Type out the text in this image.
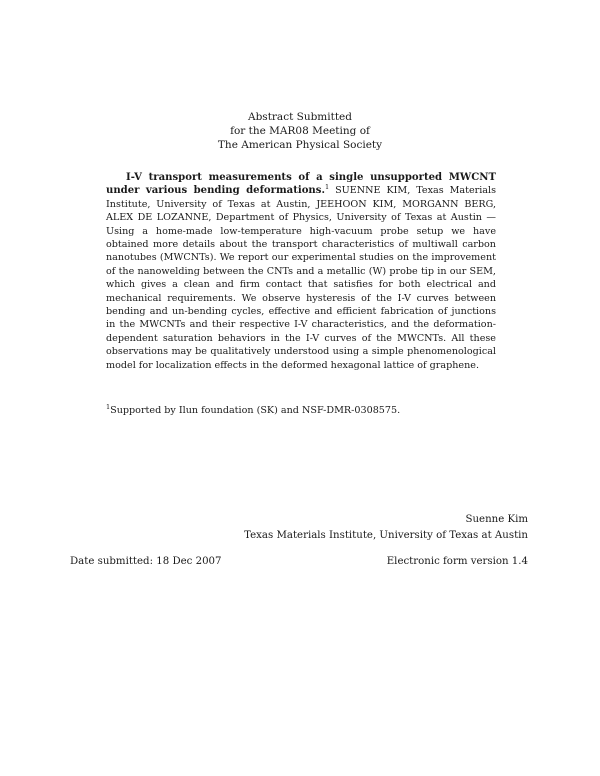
Abstract Submitted
for the MAR08 Meeting of
The American Physical Society
I-V transport measurements of a single unsupported MWCNT under various bending deformations.$^1$ SUENNE KIM, Texas Materials Institute, University of Texas at Austin, JEEHOON KIM, MORGANN BERG, ALEX DE LOZANNE, Department of Physics, University of Texas at Austin — Using a home-made low-temperature high-vacuum probe setup we have obtained more details about the transport characteristics of multiwall carbon nanotubes (MWCNTs). We report our experimental studies on the improvement of the nanowelding between the CNTs and a metallic (W) probe tip in our SEM, which gives a clean and firm contact that satisfies for both electrical and mechanical requirements. We observe hysteresis of the I-V curves between bending and un-bending cycles, effective and efficient fabrication of junctions in the MWCNTs and their respective I-V characteristics, and the deformation-dependent saturation behaviors in the I-V curves of the MWCNTs. All these observations may be qualitatively understood using a simple phenomenological model for localization effects in the deformed hexagonal lattice of graphene.
$^1$Supported by Ilun foundation (SK) and NSF-DMR-0308575.
Suenne Kim
Texas Materials Institute, University of Texas at Austin
Date submitted: 18 Dec 2007	Electronic form version 1.4
